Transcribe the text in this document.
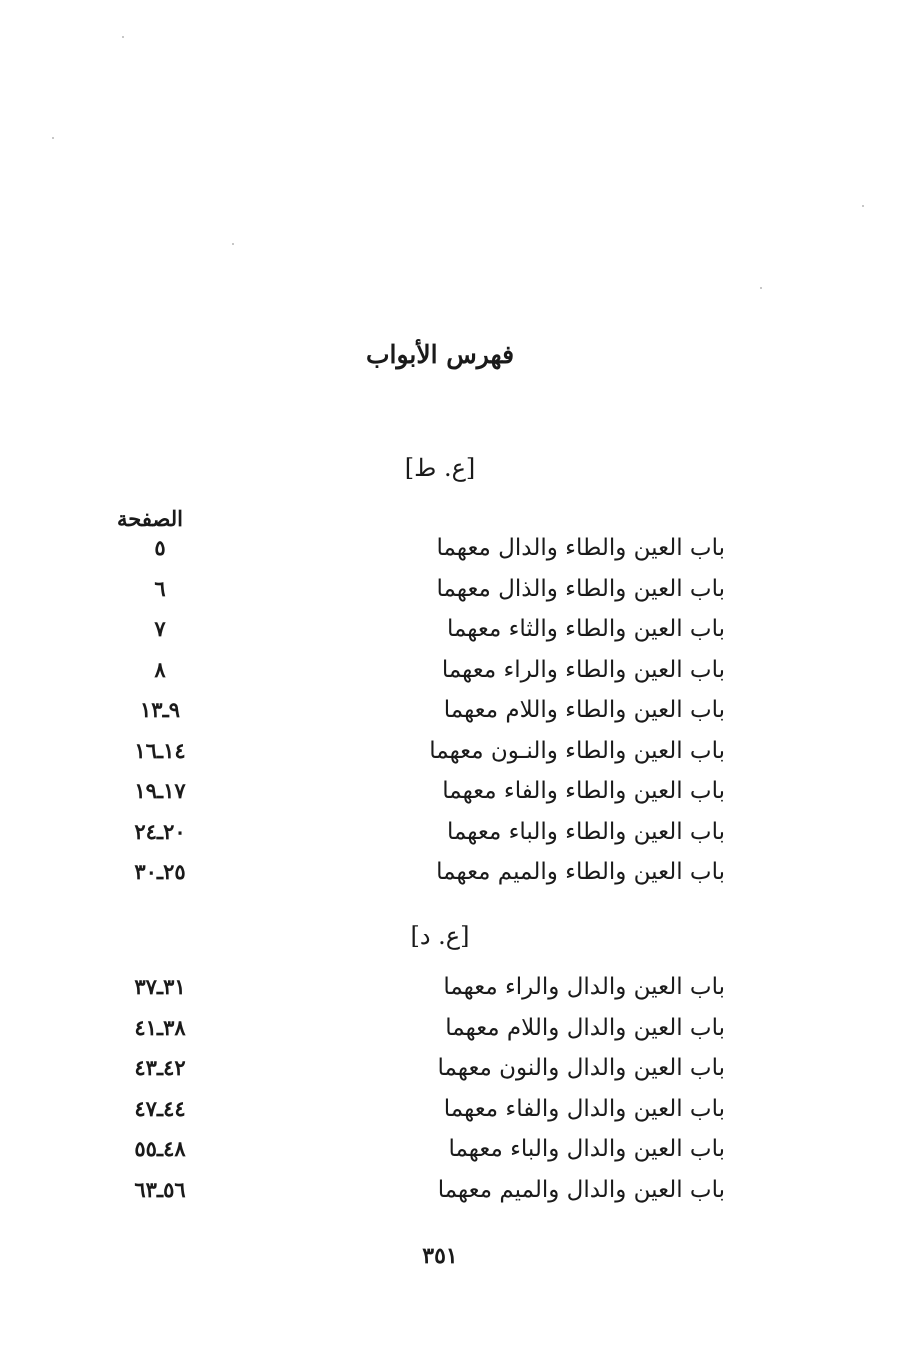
فهرس الأبواب
[ع. ط]
الصفحة
باب العين والطاء والدال معهما
٥
باب العين والطاء والذال معهما
٦
باب العين والطاء والثاء معهما
٧
باب العين والطاء والراء معهما
٨
باب العين والطاء واللام معهما
٩ـ١٣
باب العين والطاء والنـون معهما
١٤ـ١٦
باب العين والطاء والفاء معهما
١٧ـ١٩
باب العين والطاء والباء معهما
٢٠ـ٢٤
باب العين والطاء والميم معهما
٢٥ـ٣٠
[ع. د]
باب العين والدال والراء معهما
٣١ـ٣٧
باب العين والدال واللام معهما
٣٨ـ٤١
باب العين والدال والنون معهما
٤٢ـ٤٣
باب العين والدال والفاء معهما
٤٤ـ٤٧
باب العين والدال والباء معهما
٤٨ـ٥٥
باب العين والدال والميم معهما
٥٦ـ٦٣
٣٥١
